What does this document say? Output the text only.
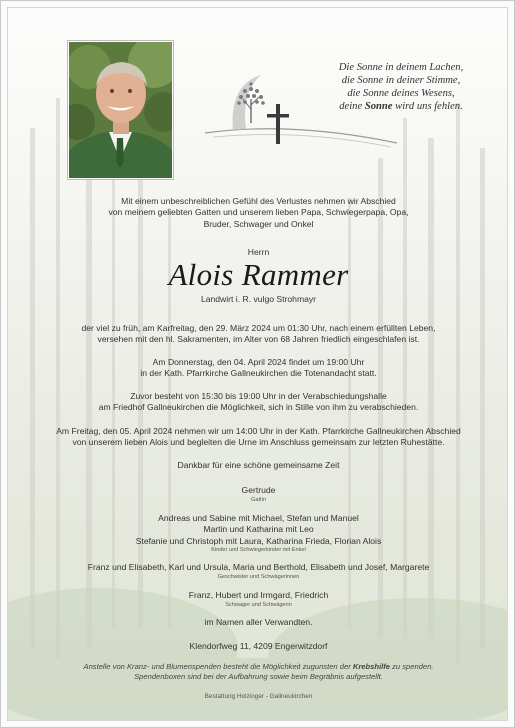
Die Sonne in deinem Lachen,
die Sonne in deiner Stimme,
die Sonne deines Wesens,
deine Sonne wird uns fehlen.
Mit einem unbeschreiblichen Gefühl des Verlustes nehmen wir Abschied
von meinem geliebten Gatten und unserem lieben Papa, Schwiegerpapa, Opa,
Bruder, Schwager und Onkel
Herrn
Alois Rammer
Landwirt i. R. vulgo Strohmayr
der viel zu früh, am Karfreitag, den 29. März 2024 um 01:30 Uhr, nach einem erfüllten Leben,
versehen mit den hl. Sakramenten, im Alter von 68 Jahren friedlich eingeschlafen ist.
Am Donnerstag, den 04. April 2024 findet um 19:00 Uhr
in der Kath. Pfarrkirche Gallneukirchen die Totenandacht statt.
Zuvor besteht von 15:30 bis 19:00 Uhr in der Verabschiedungshalle
am Friedhof Gallneukirchen die Möglichkeit, sich in Stille von ihm zu verabschieden.
Am Freitag, den 05. April 2024 nehmen wir um 14:00 Uhr in der Kath. Pfarrkirche Gallneukirchen Abschied
von unserem lieben Alois und begleiten die Urne im Anschluss gemeinsam zur letzten Ruhestätte.
Dankbar für eine schöne gemeinsame Zeit
Gertrude
Gattin
Andreas und Sabine mit Michael, Stefan und Manuel
Martin und Katharina mit Leo
Stefanie und Christoph mit Laura, Katharina Frieda, Florian Alois
Kinder und Schwiegerkinder mit Enkel
Franz und Elisabeth, Karl und Ursula, Maria und Berthold, Elisabeth und Josef, Margarete
Geschwister und Schwägerinnen
Franz, Hubert und Irmgard, Friedrich
Schwager und Schwägerin
im Namen aller Verwandten.
Klendorfweg 11, 4209 Engerwitzdorf
Anstelle von Kranz- und Blumenspenden besteht die Möglichkeit zugunsten der Krebshilfe zu spenden.
Spendenboxen sind bei der Aufbahrung sowie beim Begräbnis aufgestellt.
Bestattung Holzinger - Gallneukirchen
